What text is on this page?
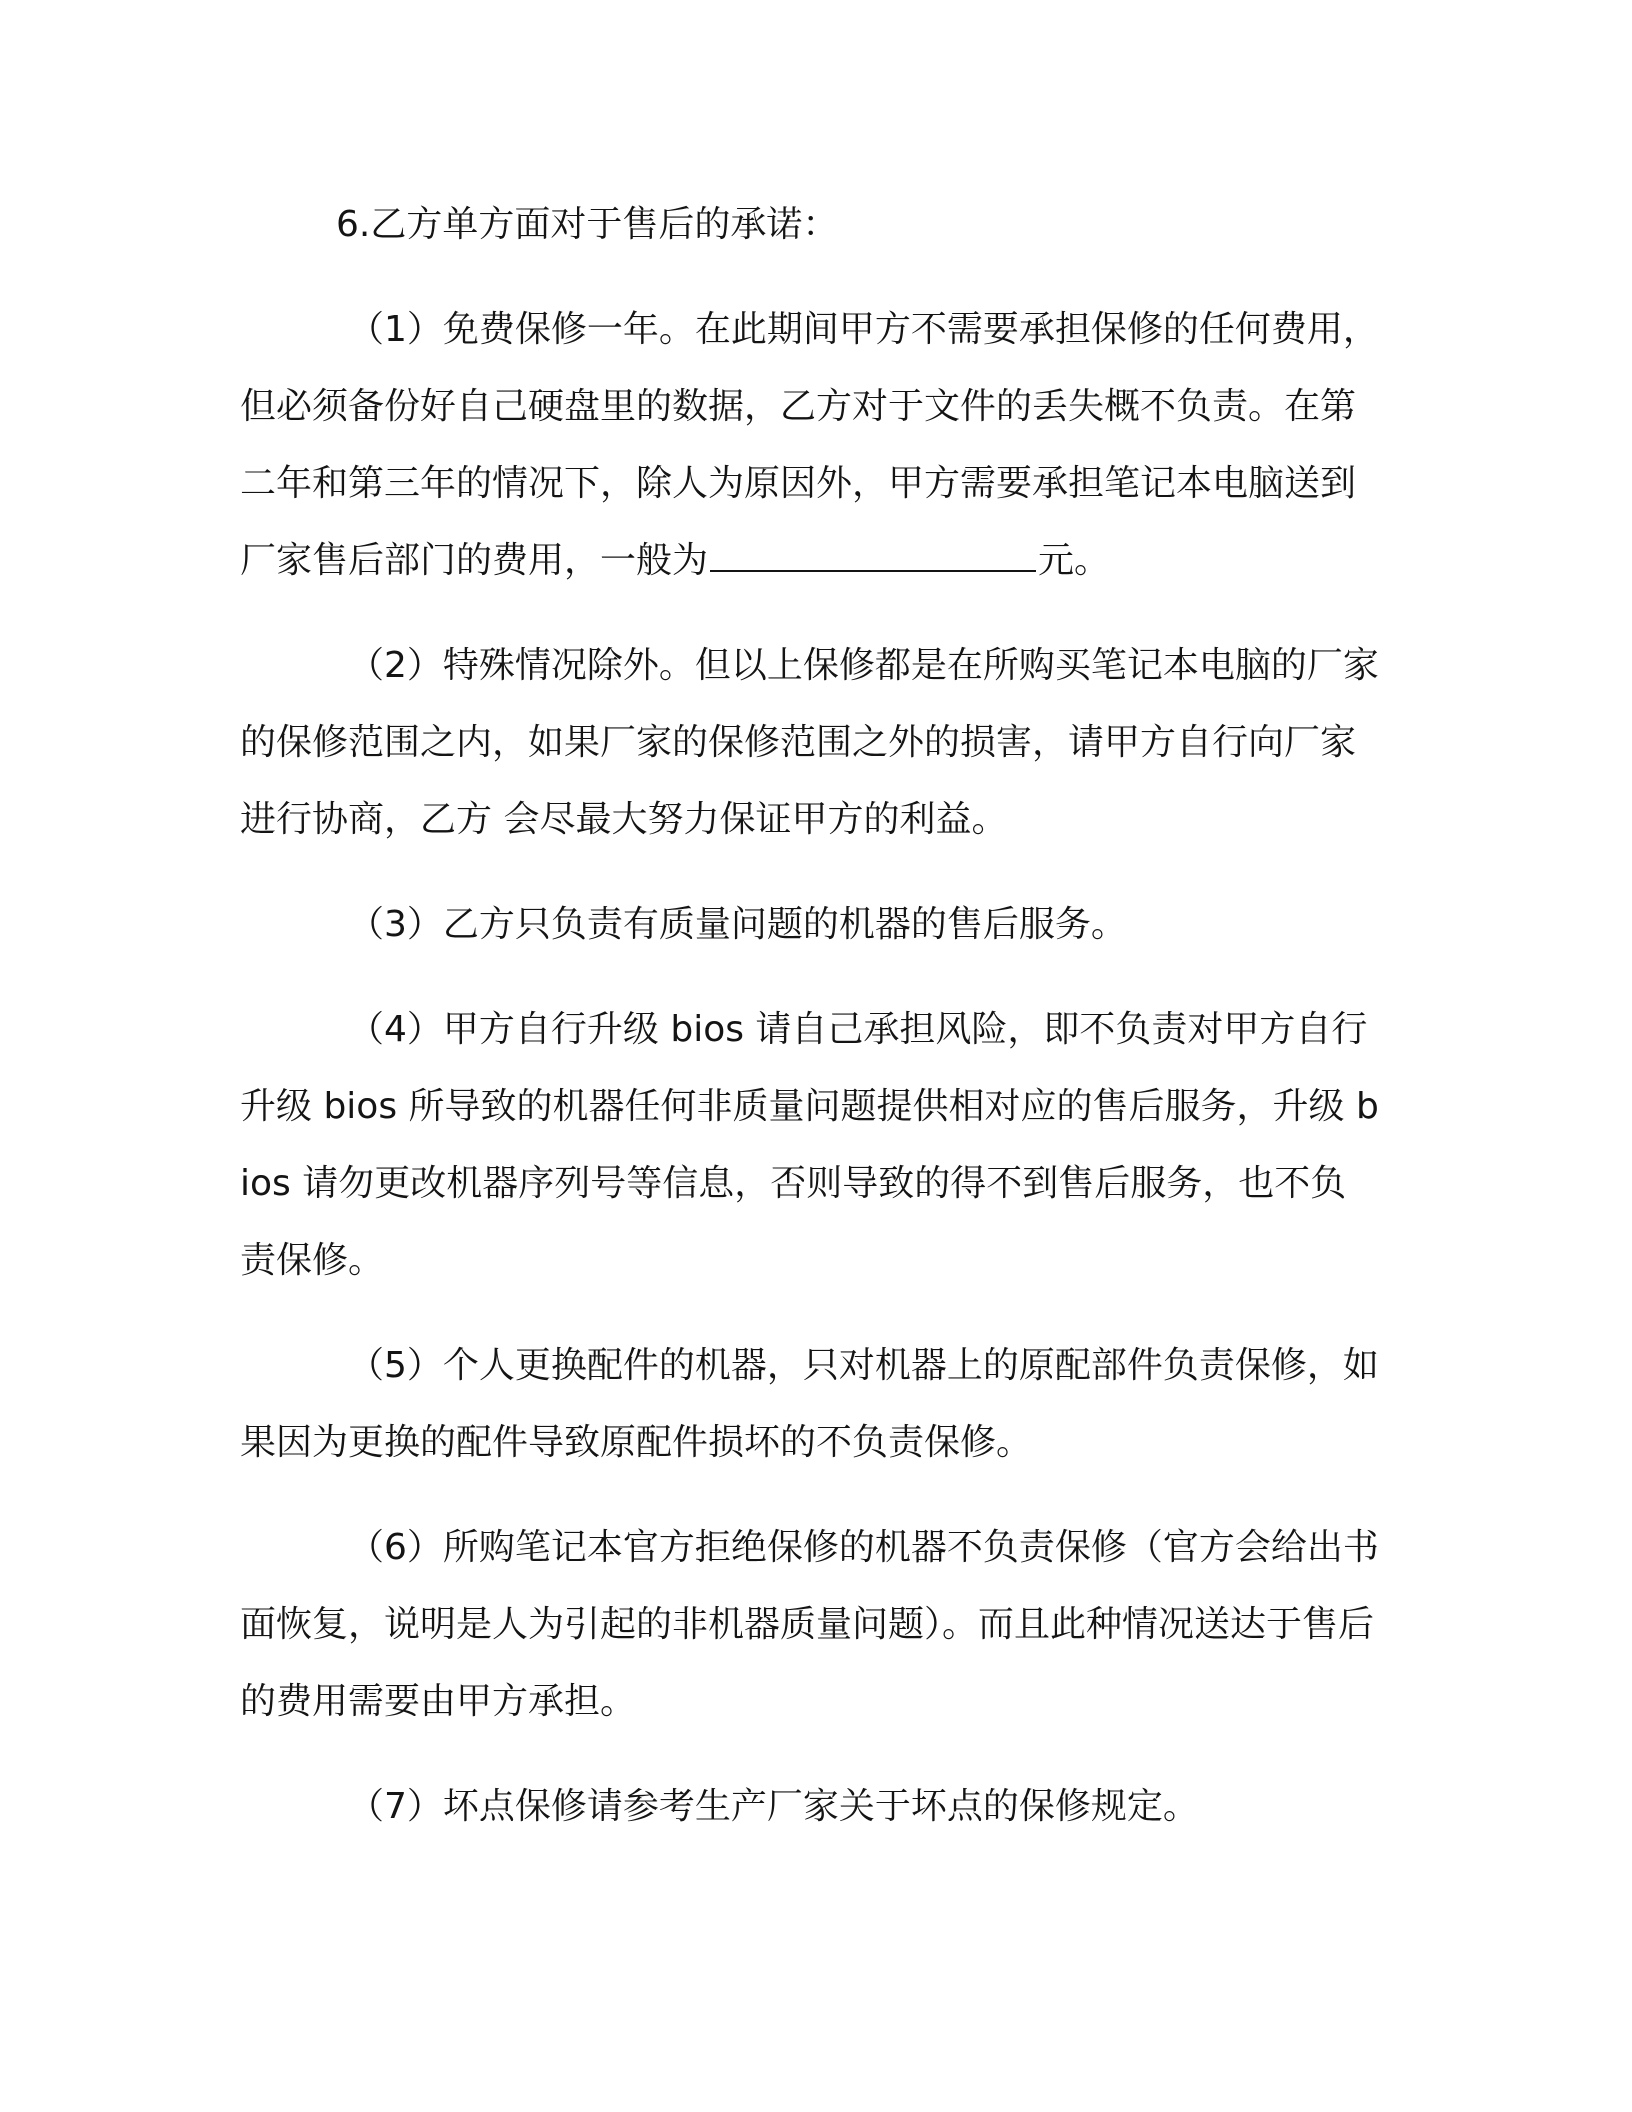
6.乙方单方面对于售后的承诺：

（1）免费保修一年。在此期间甲方不需要承担保修的任何费用，但必须备份好自己硬盘里的数据，乙方对于文件的丢失概不负责。在第二年和第三年的情况下，除人为原因外，甲方需要承担笔记本电脑送到厂家售后部门的费用，一般为	元。

（2）特殊情况除外。但以上保修都是在所购买笔记本电脑的厂家的保修范围之内，如果厂家的保修范围之外的损害，请甲方自行向厂家进行协商，乙方 会尽最大努力保证甲方的利益。

（3）乙方只负责有质量问题的机器的售后服务。

（4）甲方自行升级 bios 请自己承担风险，即不负责对甲方自行升级 bios 所导致的机器任何非质量问题提供相对应的售后服务，升级 bios 请勿更改机器序列号等信息，否则导致的得不到售后服务，也不负责保修。

（5）个人更换配件的机器，只对机器上的原配部件负责保修，如果因为更换的配件导致原配件损坏的不负责保修。

（6）所购笔记本官方拒绝保修的机器不负责保修（官方会给出书面恢复，说明是人为引起的非机器质量问题）。而且此种情况送达于售后的费用需要由甲方承担。

（7）坏点保修请参考生产厂家关于坏点的保修规定。
